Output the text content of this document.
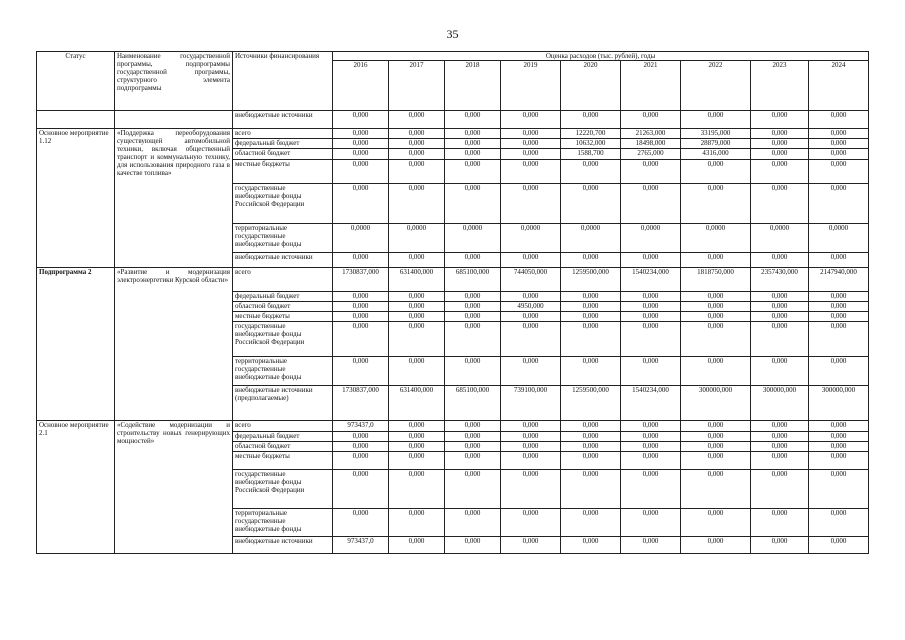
35
Статус	Наименование государственной программы, подпрограммы государственной программы, структурного элемента подпрограммы	Источники финансирования	Оценка расходов (тыс. рублей), годы								
			2016	2017	2018	2019	2020	2021	2022	2023	2024
		внебюджетные источники	0,000	0,000	0,000	0,000	0,000	0,000	0,000	0,000	0,000
Основное мероприятие 1.12	«Поддержка переоборудования существующей автомобильной техники, включая общественный транспорт и коммунальную технику, для использования природного газа в качестве топлива»	всего	0,000	0,000	0,000	0,000	12220,700	21263,000	33195,000	0,000	0,000
		федеральный бюджет	0,000	0,000	0,000	0,000	10632,000	18498,000	28879,000	0,000	0,000
		областной бюджет	0,000	0,000	0,000	0,000	1588,700	2765,000	4316,000	0,000	0,000
		местные бюджеты	0,000	0,000	0,000	0,000	0,000	0,000	0,000	0,000	0,000
		государственные внебюджетные фонды Российской Федерации	0,000	0,000	0,000	0,000	0,000	0,000	0,000	0,000	0,000
		территориальные государственные внебюджетные фонды	0,0000	0,0000	0,0000	0,0000	0,0000	0,0000	0,0000	0,0000	0,0000
		внебюджетные источники	0,000	0,000	0,000	0,000	0,000	0,000	0,000	0,000	0,000
Подпрограмма 2	«Развитие и модернизация электроэнергетики Курской области»	всего	1730837,000	631400,000	685100,000	744050,000	1259500,000	1540234,000	1818750,000	2357430,000	2147940,000
		федеральный бюджет	0,000	0,000	0,000	0,000	0,000	0,000	0,000	0,000	0,000
		областной бюджет	0,000	0,000	0,000	4950,000	0,000	0,000	0,000	0,000	0,000
		местные бюджеты	0,000	0,000	0,000	0,000	0,000	0,000	0,000	0,000	0,000
		государственные внебюджетные фонды Российской Федерации	0,000	0,000	0,000	0,000	0,000	0,000	0,000	0,000	0,000
		территориальные государственные внебюджетные фонды	0,000	0,000	0,000	0,000	0,000	0,000	0,000	0,000	0,000
		внебюджетные источники (предполагаемые)	1730837,000	631400,000	685100,000	739100,000	1259500,000	1540234,000	300000,000	300000,000	300000,000
Основное мероприятие 2.1	«Содействие модернизации и строительству новых генерирующих мощностей»	всего	973437,0	0,000	0,000	0,000	0,000	0,000	0,000	0,000	0,000
		федеральный бюджет	0,000	0,000	0,000	0,000	0,000	0,000	0,000	0,000	0,000
		областной бюджет	0,000	0,000	0,000	0,000	0,000	0,000	0,000	0,000	0,000
		местные бюджеты	0,000	0,000	0,000	0,000	0,000	0,000	0,000	0,000	0,000
		государственные внебюджетные фонды Российской Федерации	0,000	0,000	0,000	0,000	0,000	0,000	0,000	0,000	0,000
		территориальные государственные внебюджетные фонды	0,000	0,000	0,000	0,000	0,000	0,000	0,000	0,000	0,000
		внебюджетные источники	973437,0	0,000	0,000	0,000	0,000	0,000	0,000	0,000	0,000
